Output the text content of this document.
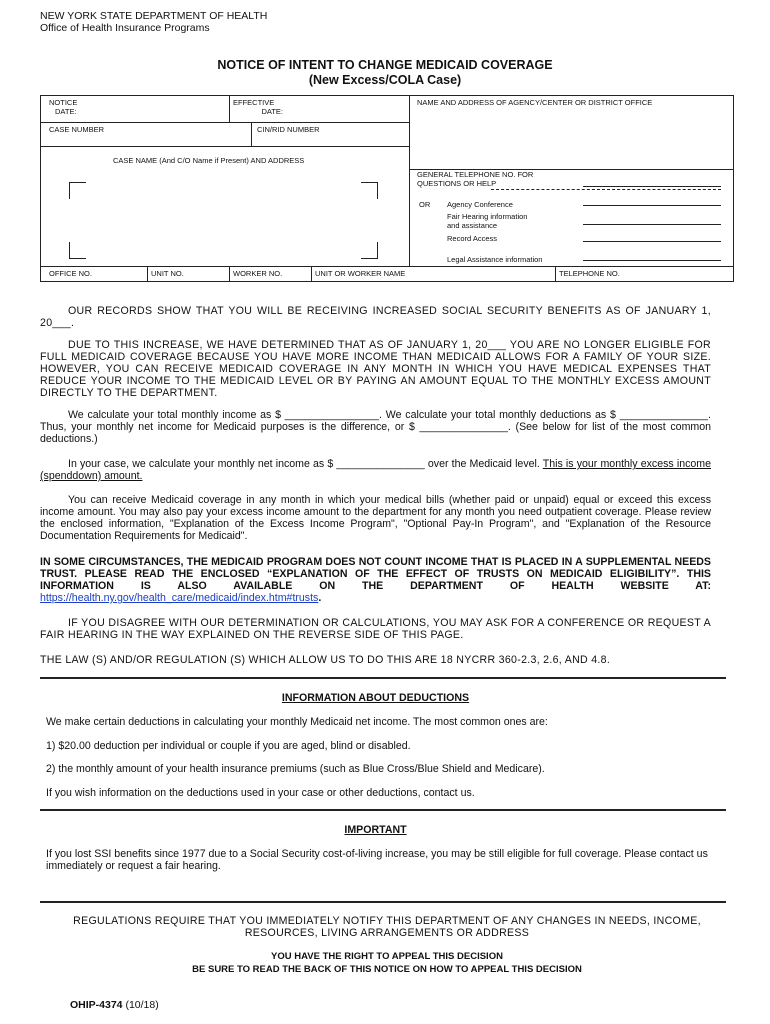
NEW YORK STATE DEPARTMENT OF HEALTH
Office of Health Insurance Programs
NOTICE OF INTENT TO CHANGE MEDICAID COVERAGE
(New Excess/COLA Case)
NOTICE
DATE:
EFFECTIVE
DATE:
NAME AND ADDRESS OF AGENCY/CENTER OR DISTRICT OFFICE
CASE NUMBER	CIN/RID NUMBER
CASE NAME (And C/O Name if Present) AND ADDRESS
GENERAL TELEPHONE NO. FOR
QUESTIONS OR HELP
OR Agency Conference
Fair Hearing information
and assistance
Record Access
Legal Assistance information
OFFICE NO.	UNIT NO.	WORKER NO.	UNIT OR WORKER NAME	TELEPHONE NO.
OUR RECORDS SHOW THAT YOU WILL BE RECEIVING INCREASED SOCIAL SECURITY BENEFITS AS OF JANUARY 1, 20___.
DUE TO THIS INCREASE, WE HAVE DETERMINED THAT AS OF JANUARY 1, 20___ YOU ARE NO LONGER ELIGIBLE FOR FULL MEDICAID COVERAGE BECAUSE YOU HAVE MORE INCOME THAN MEDICAID ALLOWS FOR A FAMILY OF YOUR SIZE. HOWEVER, YOU CAN RECEIVE MEDICAID COVERAGE IN ANY MONTH IN WHICH YOU HAVE MEDICAL EXPENSES THAT REDUCE YOUR INCOME TO THE MEDICAID LEVEL OR BY PAYING AN AMOUNT EQUAL TO THE MONTHLY EXCESS AMOUNT DIRECTLY TO THE DEPARTMENT.
We calculate your total monthly income as $ ________________. We calculate your total monthly deductions as $ _______________. Thus, your monthly net income for Medicaid purposes is the difference, or $ _______________. (See below for list of the most common deductions.)
In your case, we calculate your monthly net income as $ _______________ over the Medicaid level. This is your monthly excess income (spenddown) amount.
You can receive Medicaid coverage in any month in which your medical bills (whether paid or unpaid) equal or exceed this excess income amount. You may also pay your excess income amount to the department for any month you need outpatient coverage. Please review the enclosed information, "Explanation of the Excess Income Program", "Optional Pay-In Program", and "Explanation of the Resource Documentation Requirements for Medicaid".
IN SOME CIRCUMSTANCES, THE MEDICAID PROGRAM DOES NOT COUNT INCOME THAT IS PLACED IN A SUPPLEMENTAL NEEDS TRUST. PLEASE READ THE ENCLOSED “EXPLANATION OF THE EFFECT OF TRUSTS ON MEDICAID ELIGIBILITY”. THIS INFORMATION IS ALSO AVAILABLE ON THE DEPARTMENT OF HEALTH WEBSITE AT: https://health.ny.gov/health_care/medicaid/index.htm#trusts.
IF YOU DISAGREE WITH OUR DETERMINATION OR CALCULATIONS, YOU MAY ASK FOR A CONFERENCE OR REQUEST A FAIR HEARING IN THE WAY EXPLAINED ON THE REVERSE SIDE OF THIS PAGE.
THE LAW (S) AND/OR REGULATION (S) WHICH ALLOW US TO DO THIS ARE 18 NYCRR 360-2.3, 2.6, AND 4.8.
INFORMATION ABOUT DEDUCTIONS
We make certain deductions in calculating your monthly Medicaid net income. The most common ones are:
1) $20.00 deduction per individual or couple if you are aged, blind or disabled.
2) the monthly amount of your health insurance premiums (such as Blue Cross/Blue Shield and Medicare).
If you wish information on the deductions used in your case or other deductions, contact us.
IMPORTANT
If you lost SSI benefits since 1977 due to a Social Security cost-of-living increase, you may be still eligible for full coverage. Please contact us immediately or request a fair hearing.
REGULATIONS REQUIRE THAT YOU IMMEDIATELY NOTIFY THIS DEPARTMENT OF ANY CHANGES IN NEEDS, INCOME, RESOURCES, LIVING ARRANGEMENTS OR ADDRESS
YOU HAVE THE RIGHT TO APPEAL THIS DECISION
BE SURE TO READ THE BACK OF THIS NOTICE ON HOW TO APPEAL THIS DECISION
OHIP-4374 (10/18)
